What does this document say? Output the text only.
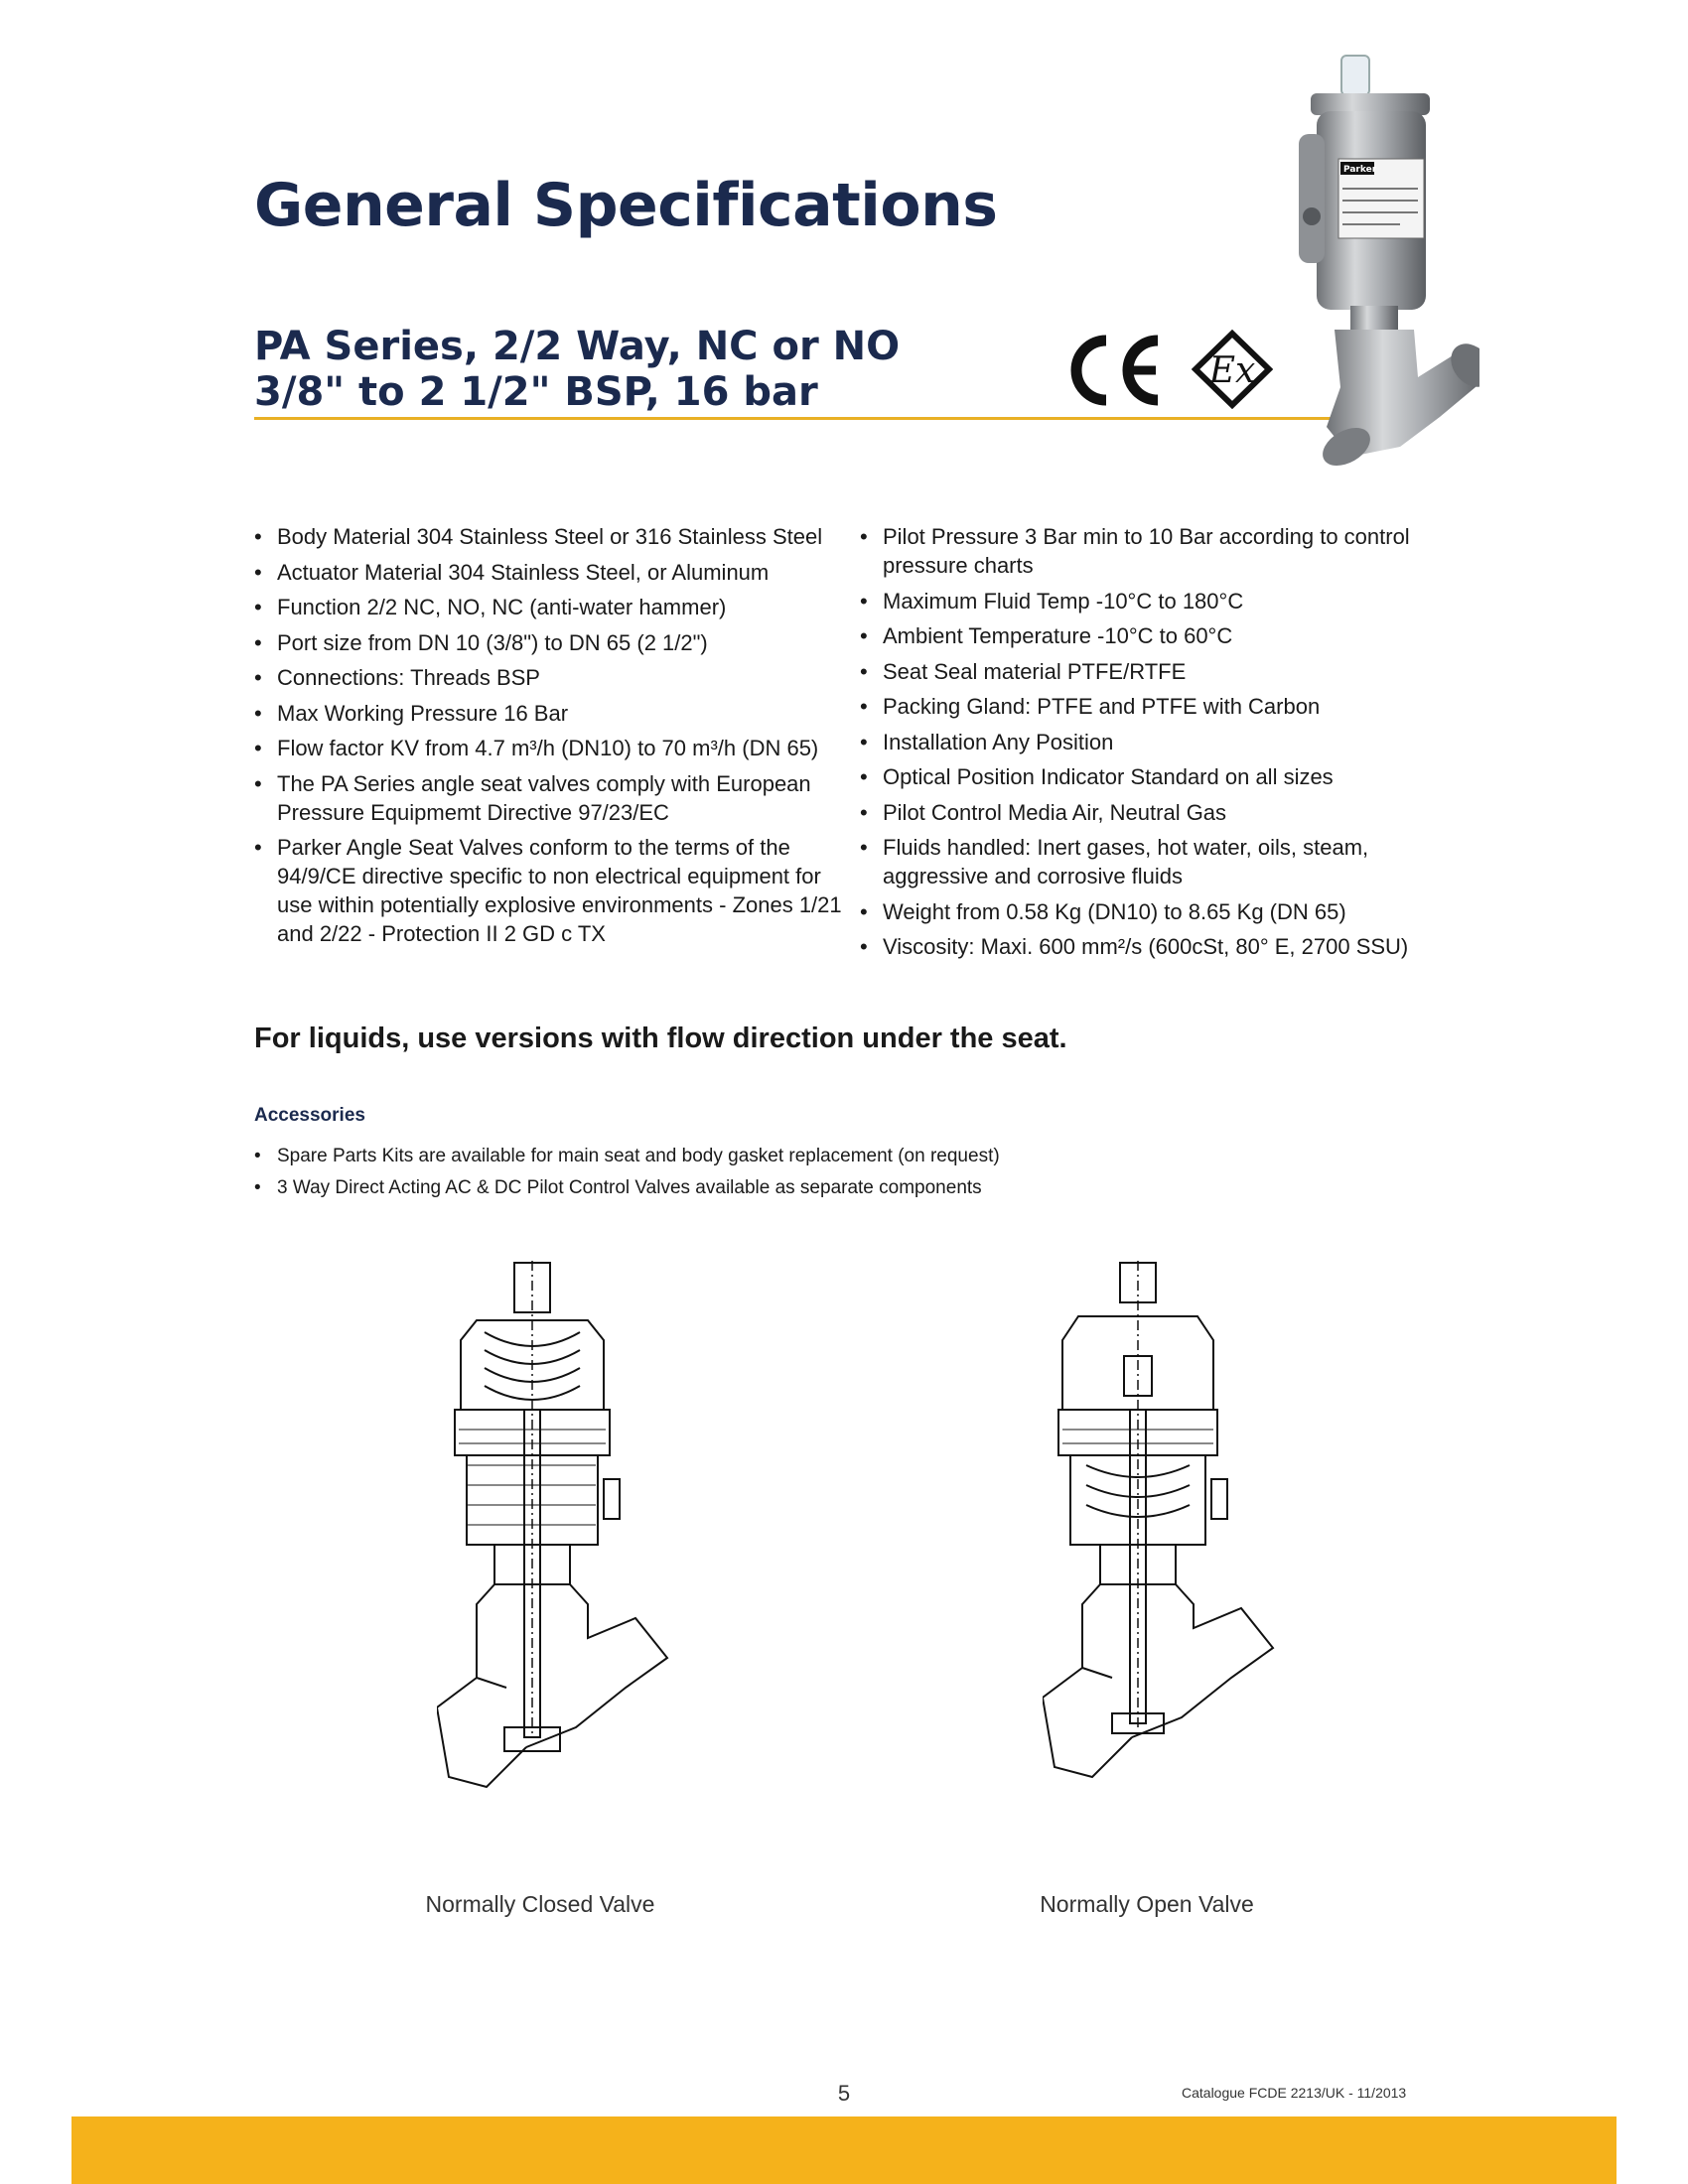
General Specifications
PA Series, 2/2 Way, NC or NO
3/8" to 2 1/2" BSP, 16 bar	Ex
Parker
• Body Material 304 Stainless Steel or 316 Stainless Steel
• Actuator Material 304 Stainless Steel, or Aluminum
• Function 2/2 NC, NO, NC (anti-water hammer)
• Port size from DN 10 (3/8") to DN 65 (2 1/2")
• Connections: Threads BSP
• Max Working Pressure 16 Bar
• Flow factor KV from 4.7 m³/h (DN10) to 70 m³/h (DN 65)
• The PA Series angle seat valves comply with European Pressure Equipmemt Directive 97/23/EC
• Parker Angle Seat Valves conform to the terms of the 94/9/CE directive specific to non electrical equipment for use within potentially explosive environments - Zones 1/21 and 2/22 - Protection II 2 GD c TX
• Pilot Pressure 3 Bar min to 10 Bar according to control pressure charts
• Maximum Fluid Temp -10°C to 180°C
• Ambient Temperature -10°C to 60°C
• Seat Seal material PTFE/RTFE
• Packing Gland: PTFE and PTFE with Carbon
• Installation Any Position
• Optical Position Indicator Standard on all sizes
• Pilot Control Media Air, Neutral Gas
• Fluids handled: Inert gases, hot water, oils, steam, aggressive and corrosive fluids
• Weight from 0.58 Kg (DN10) to 8.65 Kg (DN 65)
• Viscosity: Maxi. 600 mm²/s (600cSt, 80° E, 2700 SSU)

For liquids, use versions with flow direction under the seat.

Accessories
• Spare Parts Kits are available for main seat and body gasket replacement (on request)
• 3 Way Direct Acting AC & DC Pilot Control Valves available as separate components
Normally Closed Valve	Normally Open Valve
5	Catalogue FCDE 2213/UK - 11/2013
